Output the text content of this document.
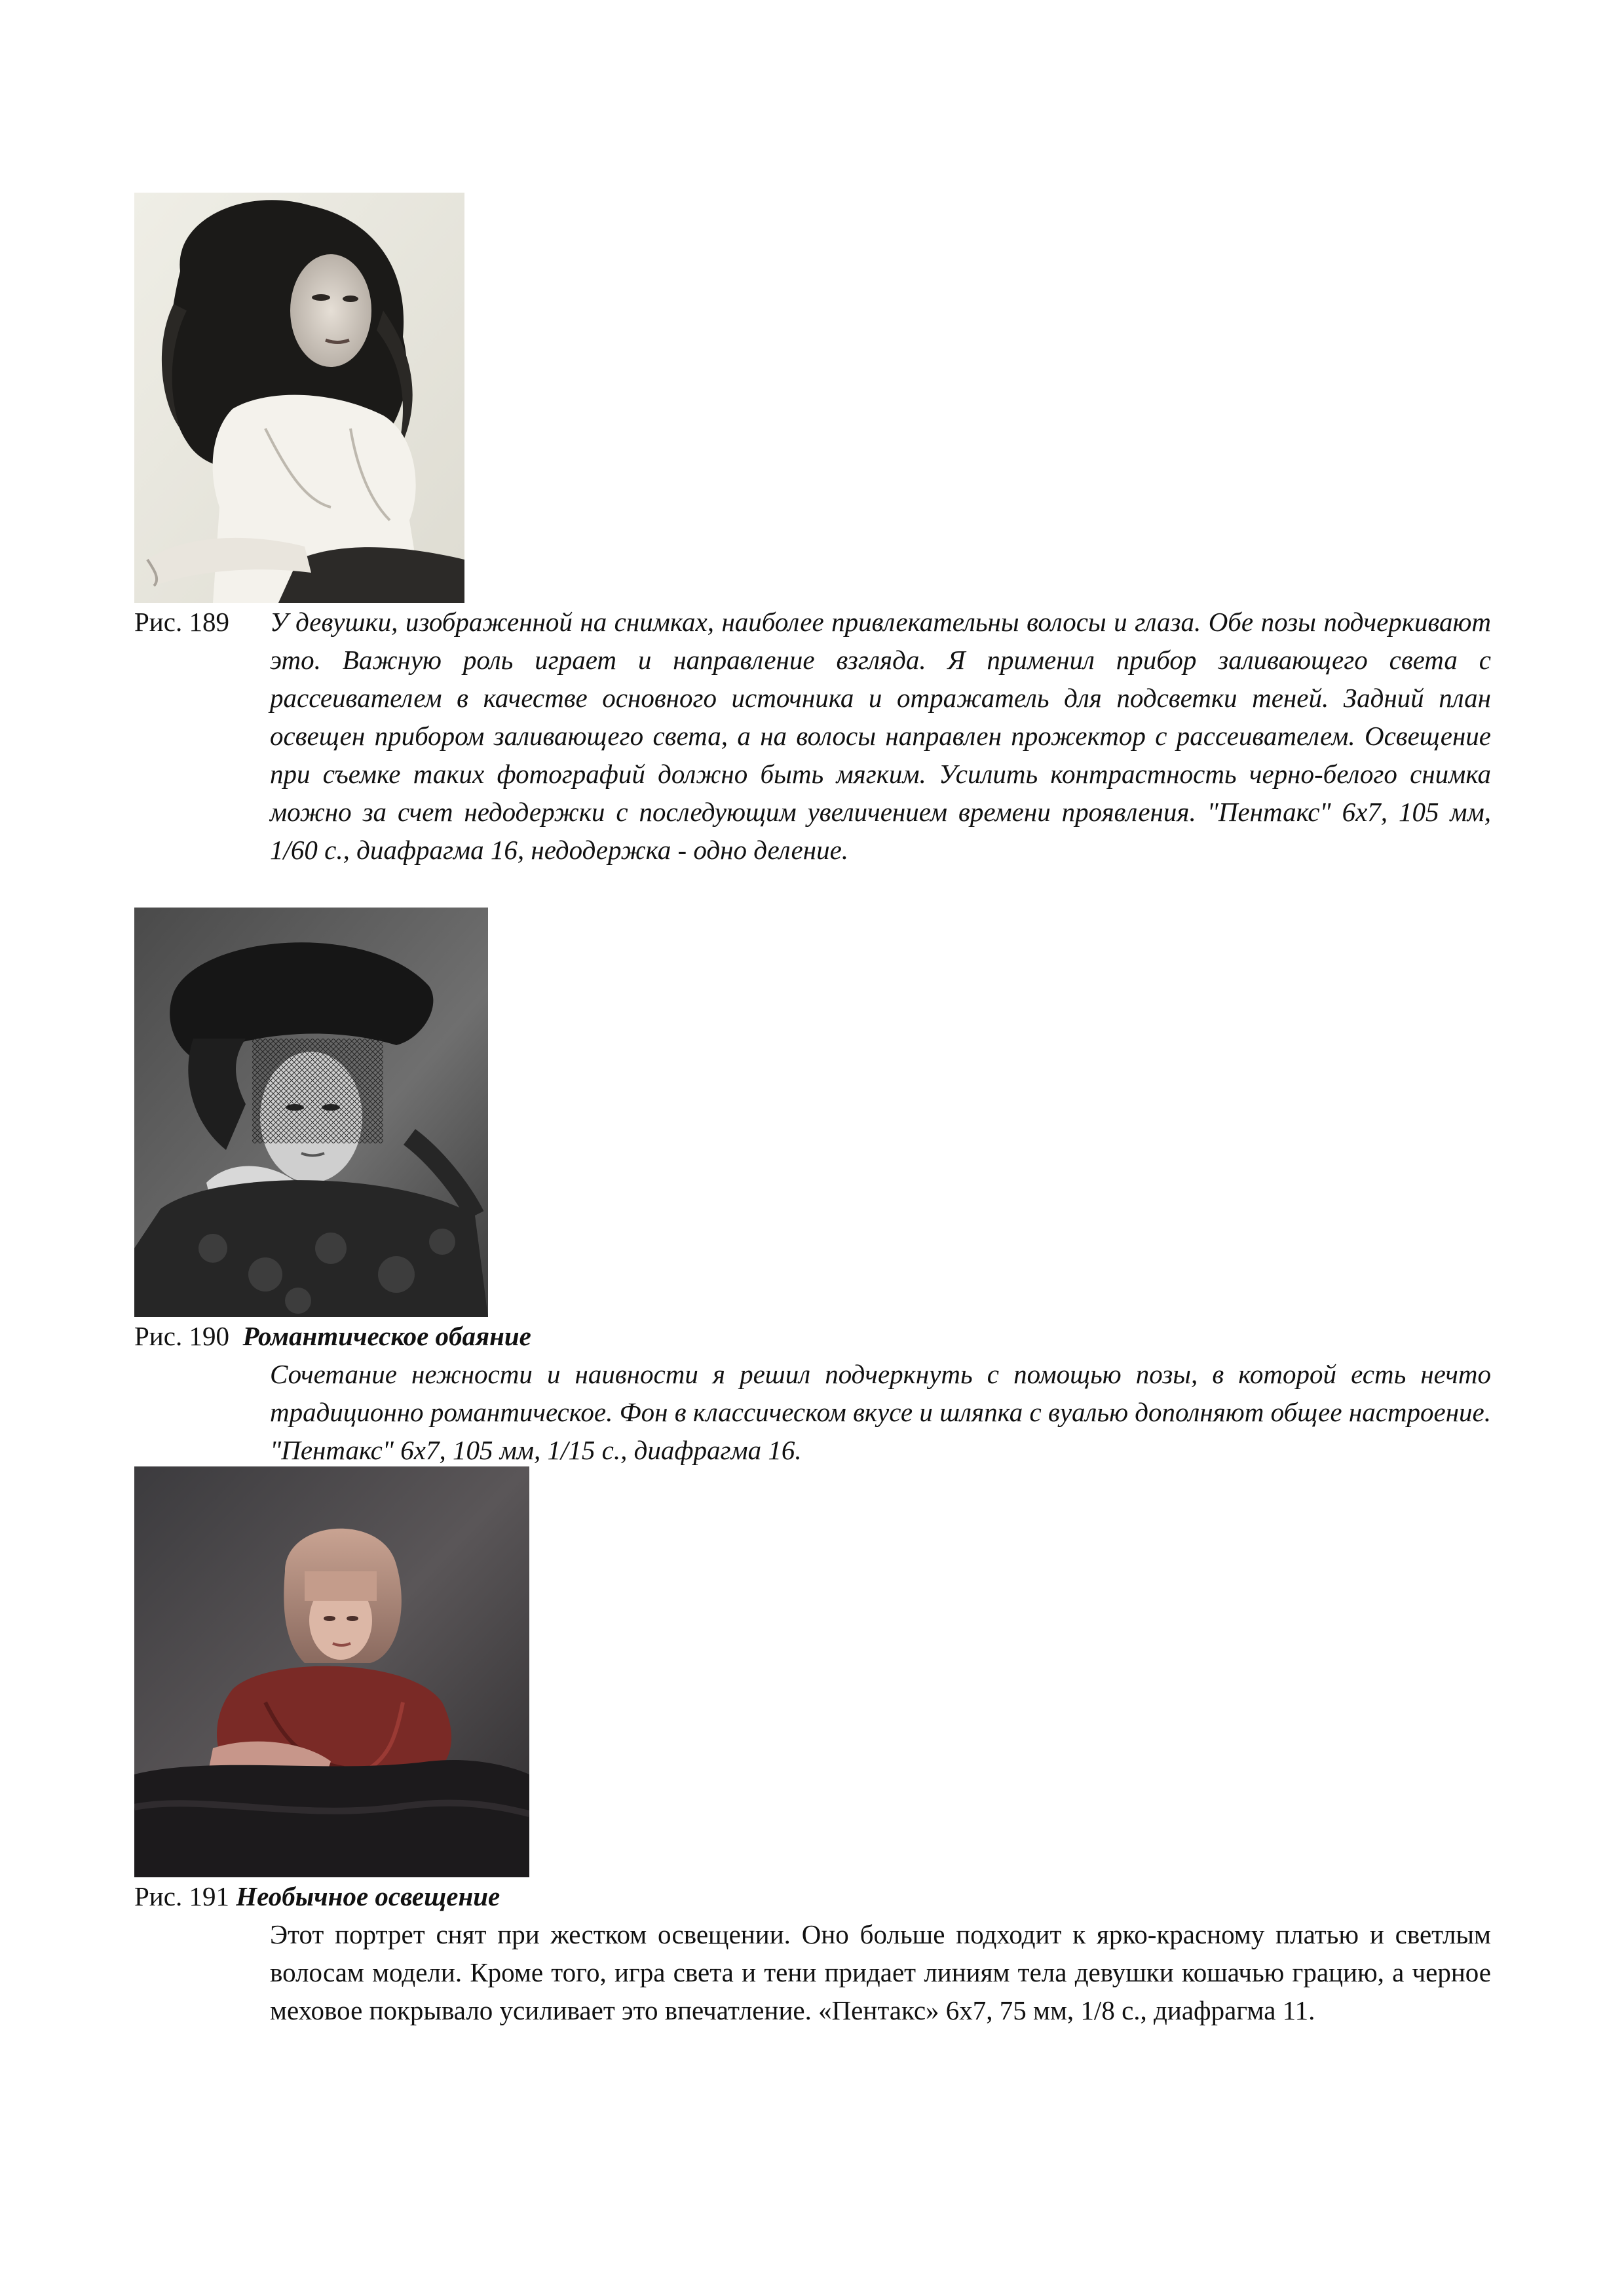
Рис. 189 У девушки, изображенной на снимках, наиболее привлекательны волосы и глаза. Обе позы подчеркивают это. Важную роль играет и направление взгляда. Я применил прибор заливающего света с рассеивателем в качестве основного источника и отражатель для подсветки теней. Задний план освещен прибором заливающего света, а на волосы направлен прожектор с рассеивателем. Освещение при съемке таких фотографий должно быть мягким. Усилить контрастность черно-белого снимка можно за счет недодержки с последующим увеличением времени проявления. "Пентакс" 6x7, 105 мм, 1/60 с., диафрагма 16, недодержка - одно деление.
Рис. 190 Романтическое обаяние
Сочетание нежности и наивности я решил подчеркнуть с помощью позы, в которой есть нечто традиционно романтическое. Фон в классическом вкусе и шляпка с вуалью дополняют общее настроение. "Пентакс" 6x7, 105 мм, 1/15 с., диафрагма 16.
Рис. 191 Необычное освещение
Этот портрет снят при жестком освещении. Оно больше подходит к ярко-красному платью и светлым волосам модели. Кроме того, игра света и тени придает линиям тела девушки кошачью грацию, а черное меховое покрывало усиливает это впечатление. «Пентакс» 6x7, 75 мм, 1/8 с., диафрагма 11.
